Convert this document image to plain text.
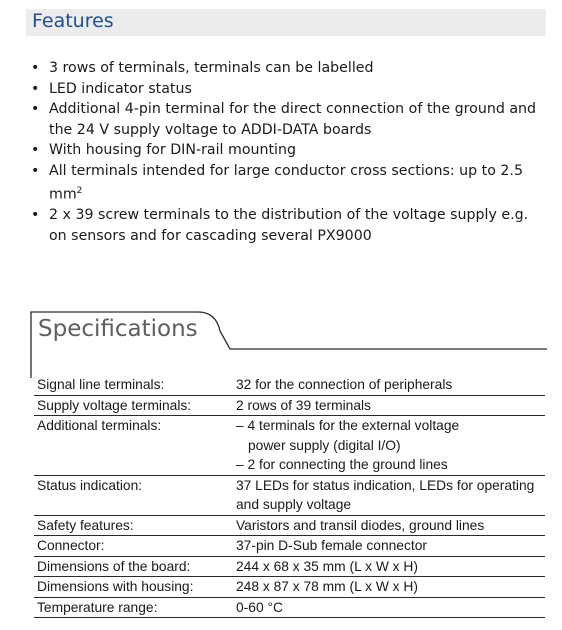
Features
• 3 rows of terminals, terminals can be labelled
• LED indicator status
• Additional 4-pin terminal for the direct connection of the ground and the 24 V supply voltage to ADDI-DATA boards
• With housing for DIN-rail mounting
• All terminals intended for large conductor cross sections: up to 2.5 $mm^2$
• 2 x 39 screw terminals to the distribution of the voltage supply e.g. on sensors and for cascading several PX9000
Specifications
Signal line terminals:	32 for the connection of peripherals
Supply voltage terminals:	2 rows of 39 terminals
Additional terminals:	– 4 terminals for the external voltage
power supply (digital I/O)
– 2 for connecting the ground lines
Status indication:	37 LEDs for status indication, LEDs for operating
and supply voltage
Safety features:	Varistors and transil diodes, ground lines
Connector:	37-pin D-Sub female connector
Dimensions of the board:	244 x 68 x 35 mm (L x W x H)
Dimensions with housing:	248 x 87 x 78 mm (L x W x H)
Temperature range:	0-60 °C
